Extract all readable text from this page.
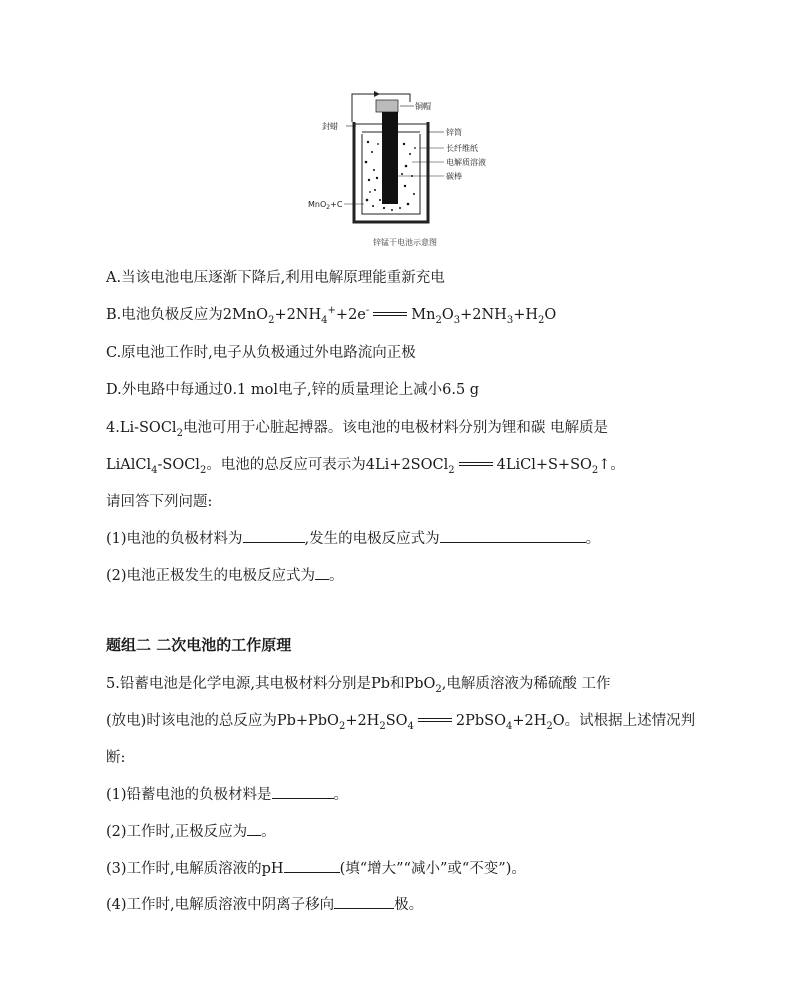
铜帽
封蜡
锌筒
长纤维纸
电解质溶液
碳棒
MnO$_2$+C
锌锰干电池示意图
A.当该电池电压逐渐下降后,利用电解原理能重新充电
B.电池负极反应为$2MnO_2+2NH_4^++2e^-$	$Mn_2O_3+2NH_3+H_2O$
C.原电池工作时,电子从负极通过外电路流向正极
D.外电路中每通过0.1 mol电子,锌的质量理论上减小6.5 g
4.Li-SOCl$_2$电池可用于心脏起搏器。该电池的电极材料分别为锂和碳 电解质是
LiAlCl$_4$-SOCl$_2$。电池的总反应可表示为4Li+2SOCl$_2$	$4LiCl+S+SO_2↑$。
请回答下列问题:
(1)电池的负极材料为	,发生的电极反应式为	。
(2)电池正极发生的电极反应式为 。
题组二 二次电池的工作原理
5.铅蓄电池是化学电源,其电极材料分别是Pb和PbO$_2$,电解质溶液为稀硫酸 工作
(放电)时该电池的总反应为$Pb+PbO_2+2H_2SO_4$	$2PbSO_4+2H_2O$。试根据上述情况判
断:
(1)铅蓄电池的负极材料是	。
(2)工作时,正极反应为 。
(3)工作时,电解质溶液的pH	(填“增大”“减小”或“不变”)。
(4)工作时,电解质溶液中阴离子移向	极。
